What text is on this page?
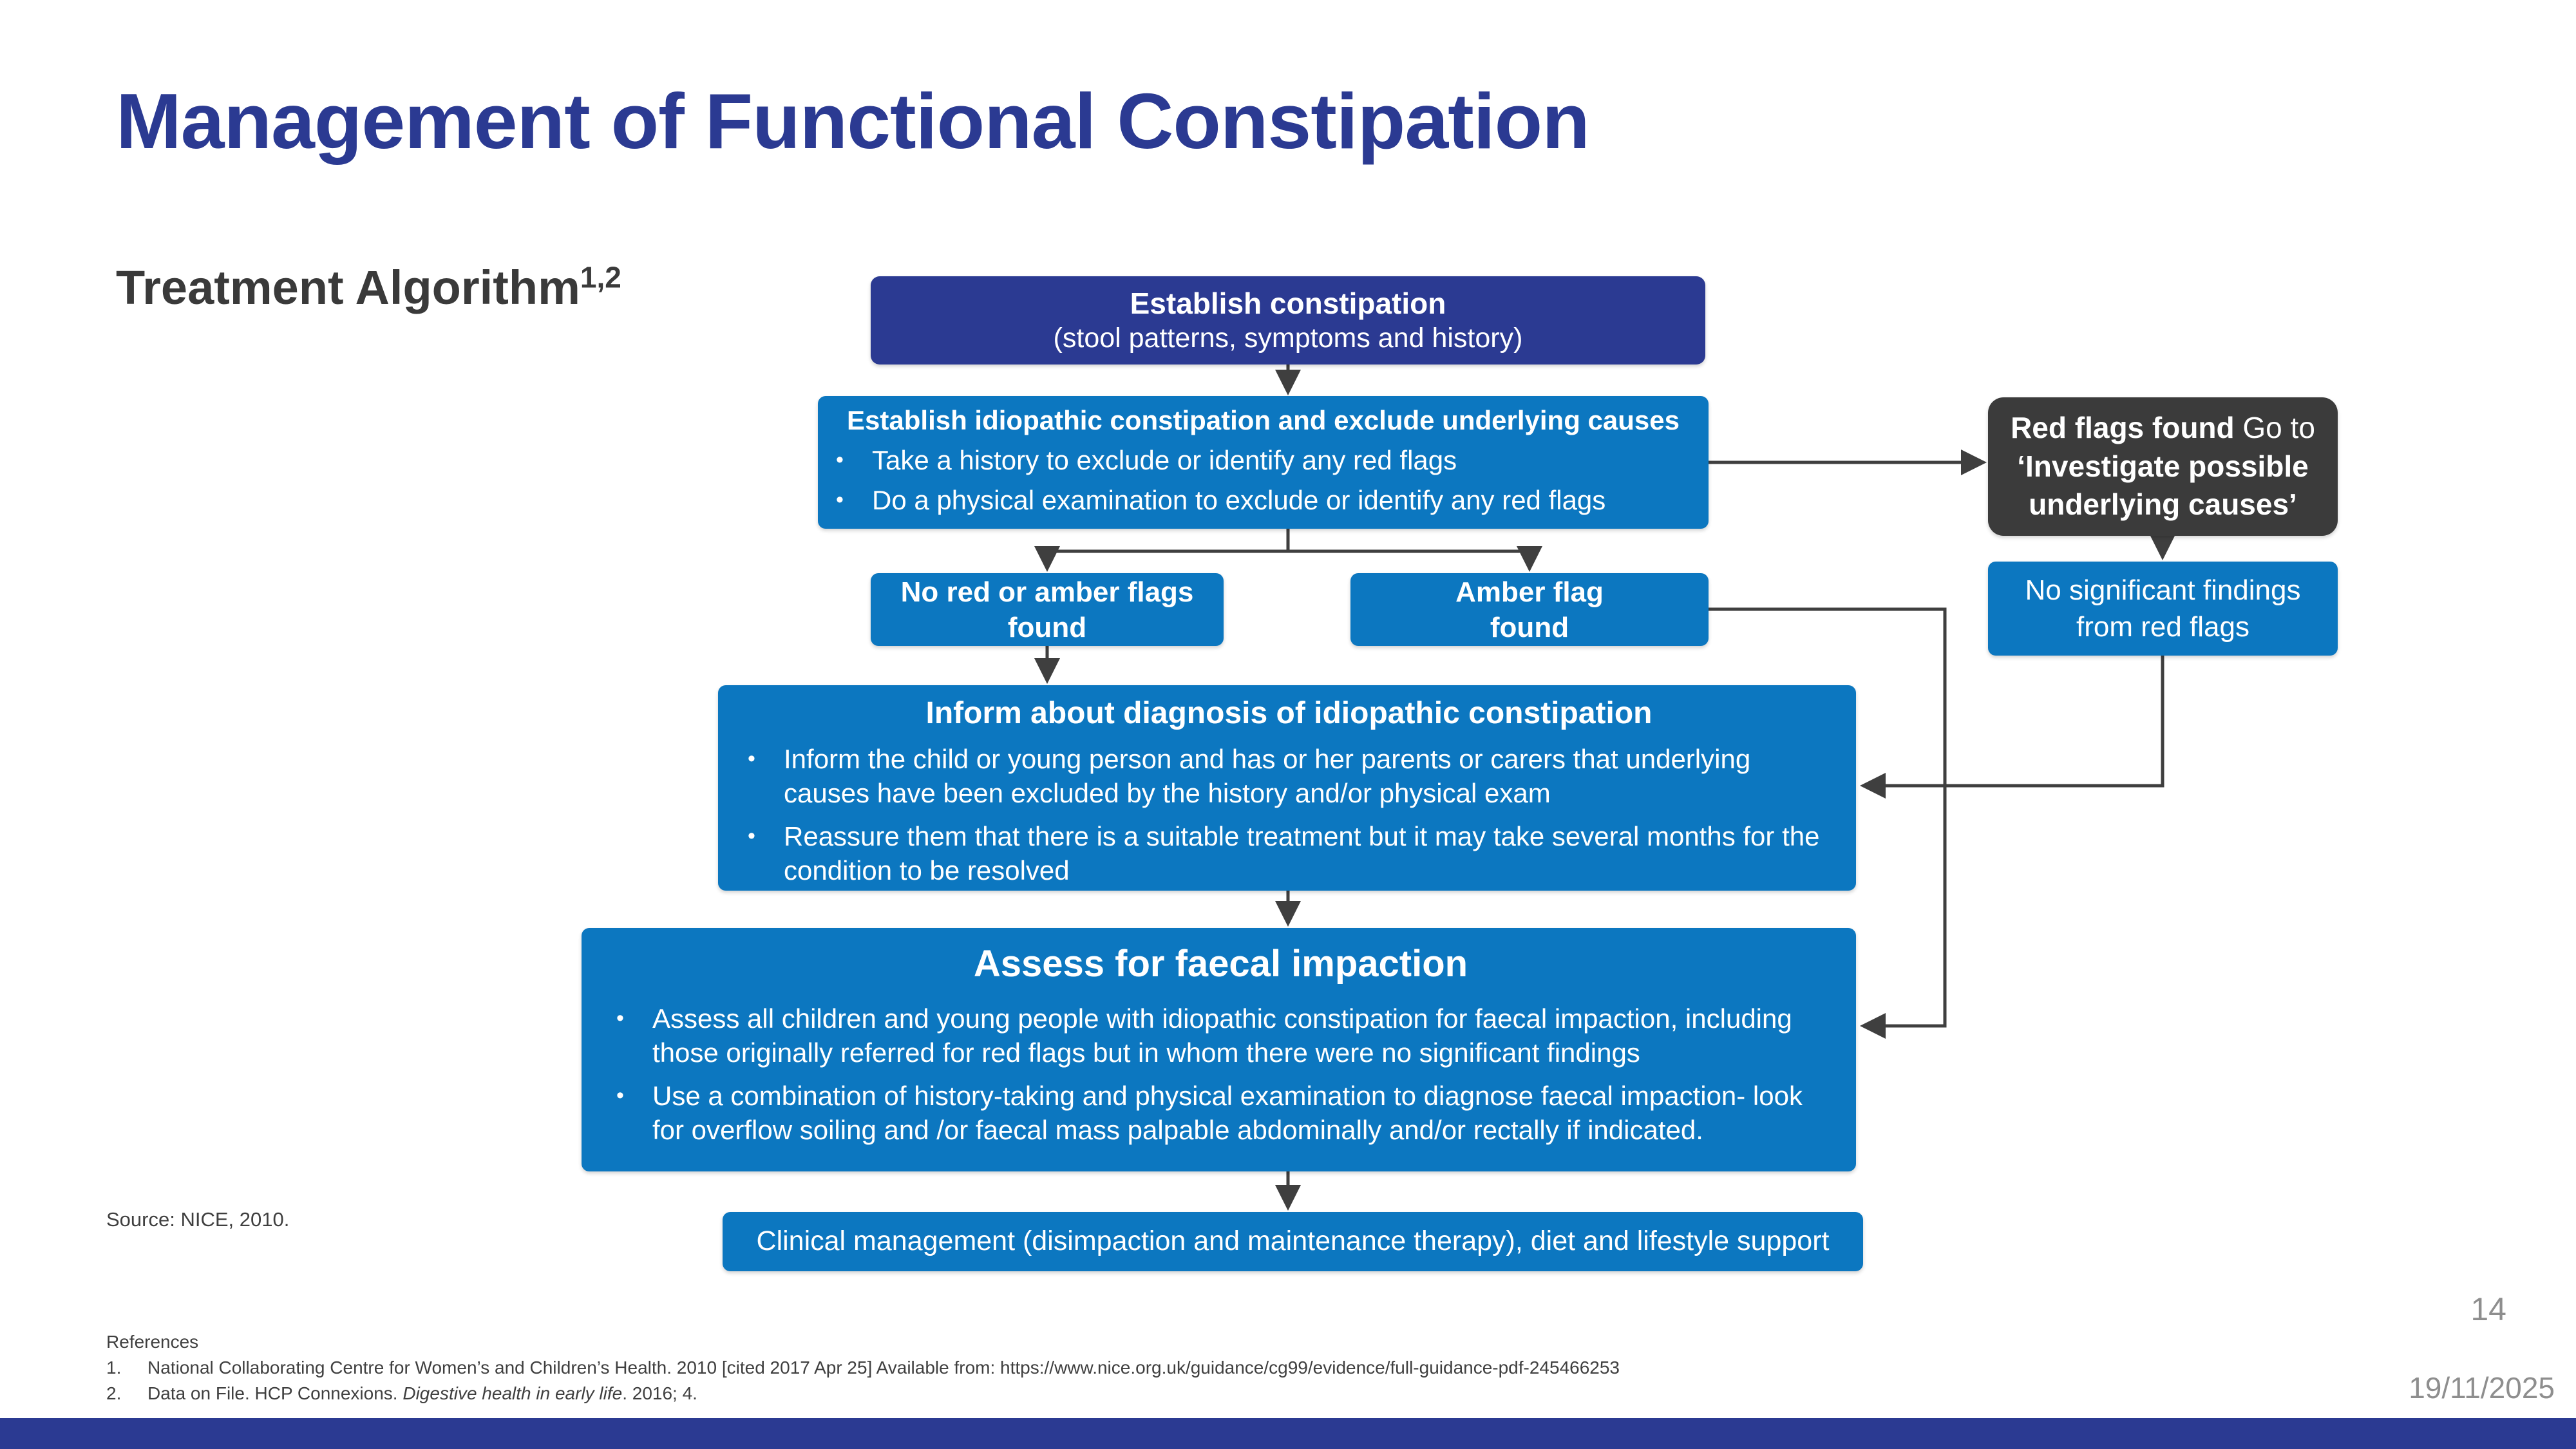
Management of Functional Constipation
Treatment Algorithm$^{1,2}$
Establish constipation
(stool patterns, symptoms and history)
Establish idiopathic constipation and exclude underlying causes
• Take a history to exclude or identify any red flags
• Do a physical examination to exclude or identify any red flags
Red flags found Go to ‘Investigate possible underlying causes’
No red or amber flags found
Amber flag found
No significant findings from red flags
Inform about diagnosis of idiopathic constipation
• Inform the child or young person and has or her parents or carers that underlying causes have been excluded by the history and/or physical exam
• Reassure them that there is a suitable treatment but it may take several months for the condition to be resolved
Assess for faecal impaction
• Assess all children and young people with idiopathic constipation for faecal impaction, including those originally referred for red flags but in whom there were no significant findings
• Use a combination of history-taking and physical examination to diagnose faecal impaction- look for overflow soiling and /or faecal mass palpable abdominally and/or rectally if indicated.
Clinical management (disimpaction and maintenance therapy), diet and lifestyle support
Source: NICE, 2010.
References
1.	National Collaborating Centre for Women’s and Children’s Health. 2010 [cited 2017 Apr 25] Available from: https://www.nice.org.uk/guidance/cg99/evidence/full-guidance-pdf-245466253
2.	Data on File. HCP Connexions. Digestive health in early life. 2016; 4.
14
19/11/2025
